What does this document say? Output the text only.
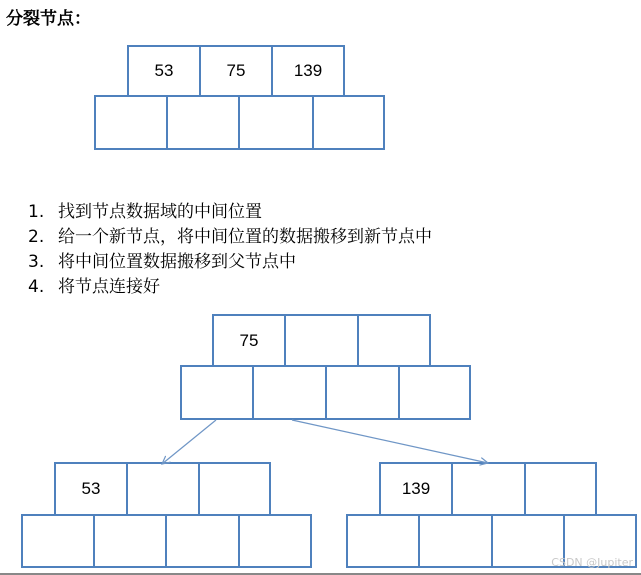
分裂节点：
53	75	139
1. 找到节点数据域的中间位置
2. 给一个新节点，将中间位置的数据搬移到新节点中
3. 将中间位置数据搬移到父节点中
4. 将节点连接好
75
53	139
CSDN @Jupiter
